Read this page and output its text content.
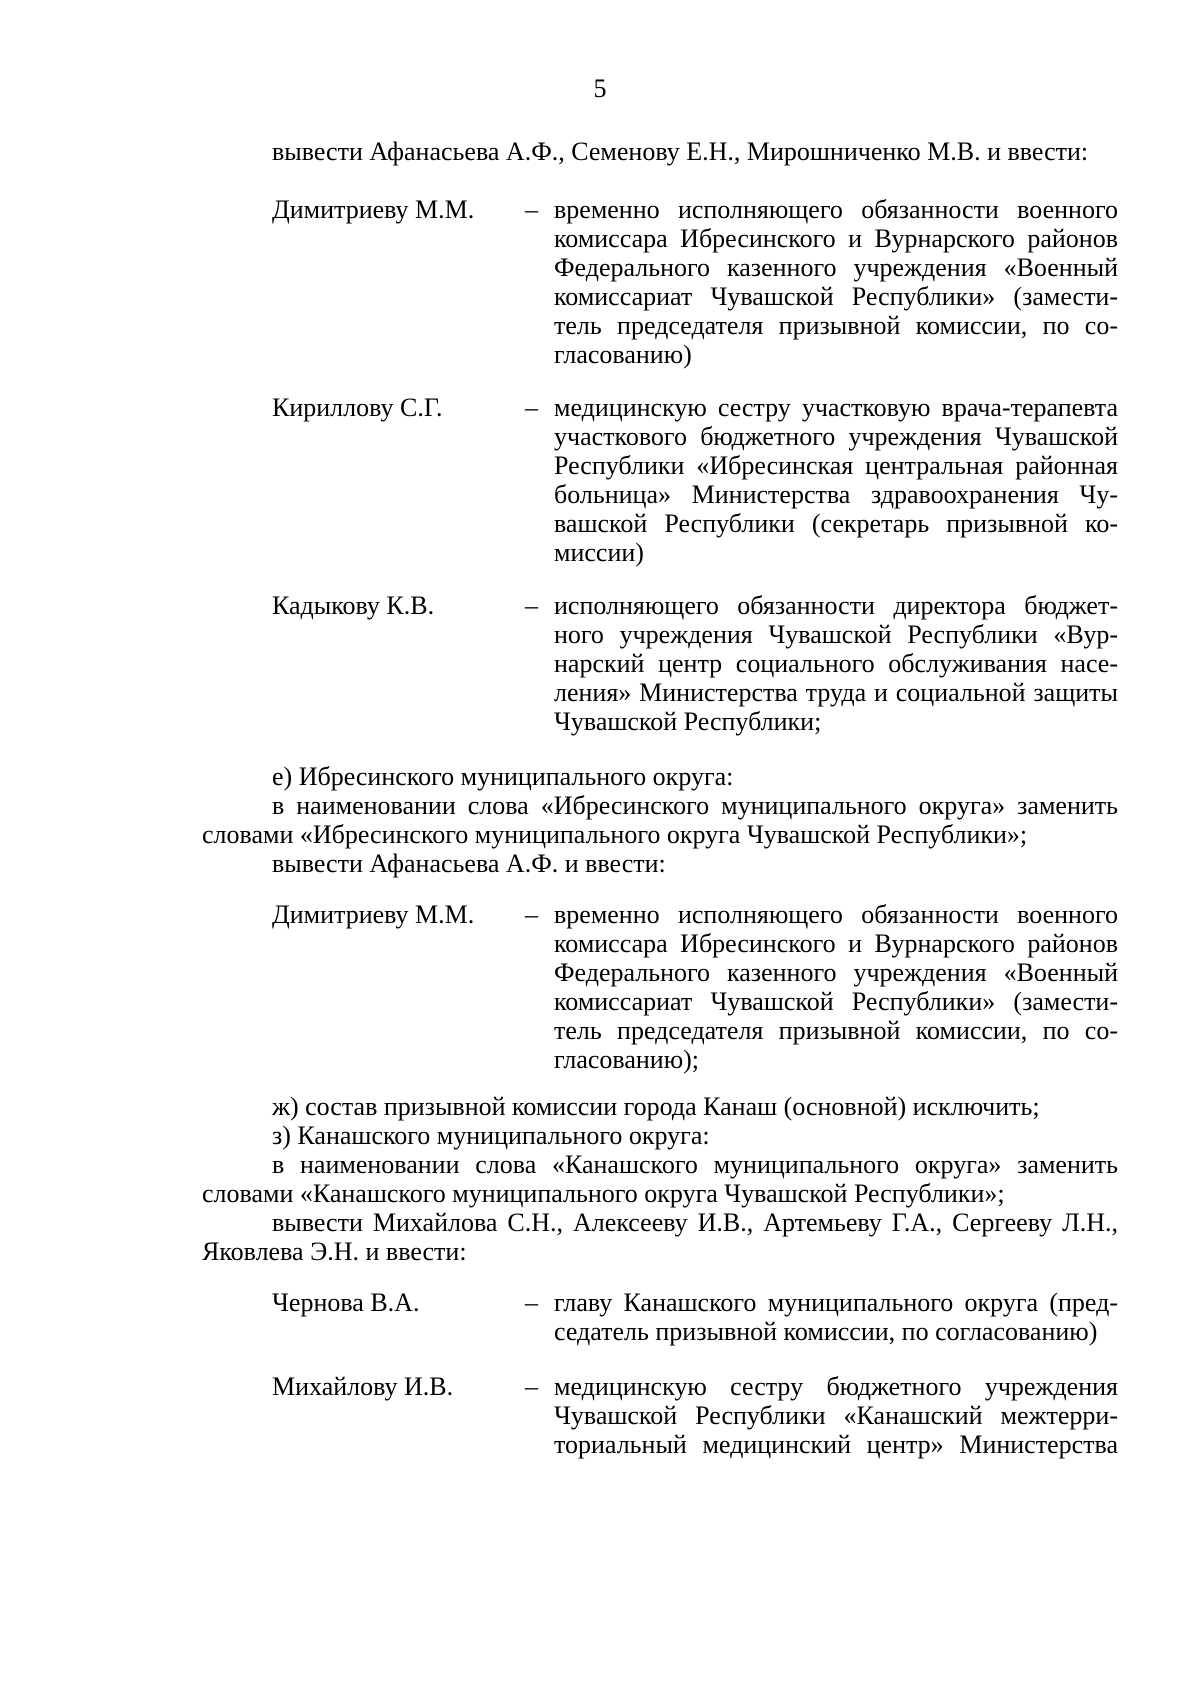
5
вывести Афанасьева А.Ф., Семенову Е.Н., Мирошниченко М.В. и ввести:
Димитриеву М.М. – временно исполняющего обязанности военного
комиссара Ибресинского и Вурнарского районов
Федерального казенного учреждения «Военный
комиссариат Чувашской Республики» (замести-
тель председателя призывной комиссии, по со-
гласованию)
Кириллову С.Г.	– медицинскую сестру участковую врача-терапевта
участкового бюджетного учреждения Чувашской
Республики «Ибресинская центральная районная
больница» Министерства здравоохранения Чу-
вашской Республики (секретарь призывной ко-
миссии)
Кадыкову К.В.	– исполняющего обязанности директора бюджет-
ного учреждения Чувашской Республики «Вур-
нарский центр социального обслуживания насе-
ления» Министерства труда и социальной защиты
Чувашской Республики;
е) Ибресинского муниципального округа:
в наименовании слова «Ибресинского муниципального округа» заменить словами «Ибресинского муниципального округа Чувашской Республики»;
вывести Афанасьева А.Ф. и ввести:
Димитриеву М.М. – временно исполняющего обязанности военного
комиссара Ибресинского и Вурнарского районов
Федерального казенного учреждения «Военный
комиссариат Чувашской Республики» (замести-
тель председателя призывной комиссии, по со-
гласованию);
ж) состав призывной комиссии города Канаш (основной) исключить;
з) Канашского муниципального округа:
в наименовании слова «Канашского муниципального округа» заменить словами «Канашского муниципального округа Чувашской Республики»;
вывести Михайлова С.Н., Алексееву И.В., Артемьеву Г.А., Сергееву Л.Н., Яковлева Э.Н. и ввести:
Чернова В.А.	– главу Канашского муниципального округа (пред-
седатель призывной комиссии, по согласованию)
Михайлову И.В.	– медицинскую сестру бюджетного учреждения
Чувашской Республики «Канашский межтерри-
ториальный медицинский центр» Министерства
